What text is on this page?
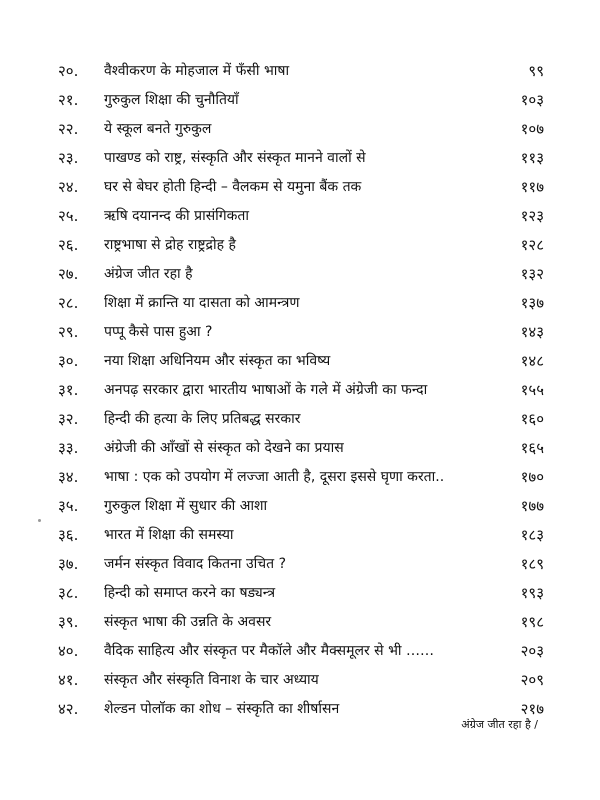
२०. वैश्वीकरण के मोहजाल में फँसी भाषा	९९
२१. गुरुकुल शिक्षा की चुनौतियाँ	१०३
२२. ये स्कूल बनते गुरुकुल	१०७
२३. पाखण्ड को राष्ट्र, संस्कृति और संस्कृत मानने वालों से	११३
२४. घर से बेघर होती हिन्दी – वैलकम से यमुना बैंक तक	११७
२५. ऋषि दयानन्द की प्रासंगिकता	१२३
२६. राष्ट्रभाषा से द्रोह राष्ट्रद्रोह है	१२८
२७. अंग्रेज जीत रहा है	१३२
२८. शिक्षा में क्रान्ति या दासता को आमन्त्रण	१३७
२९. पप्पू कैसे पास हुआ ?	१४३
३०. नया शिक्षा अधिनियम और संस्कृत का भविष्य	१४८
३१. अनपढ़ सरकार द्वारा भारतीय भाषाओं के गले में अंग्रेजी का फन्दा	१५५
३२. हिन्दी की हत्या के लिए प्रतिबद्ध सरकार	१६०
३३. अंग्रेजी की आँखों से संस्कृत को देखने का प्रयास	१६५
३४. भाषा : एक को उपयोग में लज्जा आती है, दूसरा इससे घृणा करता..	१७०
३५. गुरुकुल शिक्षा में सुधार की आशा	१७७
३६. भारत में शिक्षा की समस्या	१८३
३७. जर्मन संस्कृत विवाद कितना उचित ?	१८९
३८. हिन्दी को समाप्त करने का षड्यन्त्र	१९३
३९. संस्कृत भाषा की उन्नति के अवसर	१९८
४०. वैदिक साहित्य और संस्कृत पर मैकॉले और मैक्समूलर से भी ……	२०३
४१. संस्कृत और संस्कृति विनाश के चार अध्याय	२०९
४२. शेल्डन पोलॉक का शोध – संस्कृति का शीर्षासन	२१७
अंग्रेज जीत रहा है /
